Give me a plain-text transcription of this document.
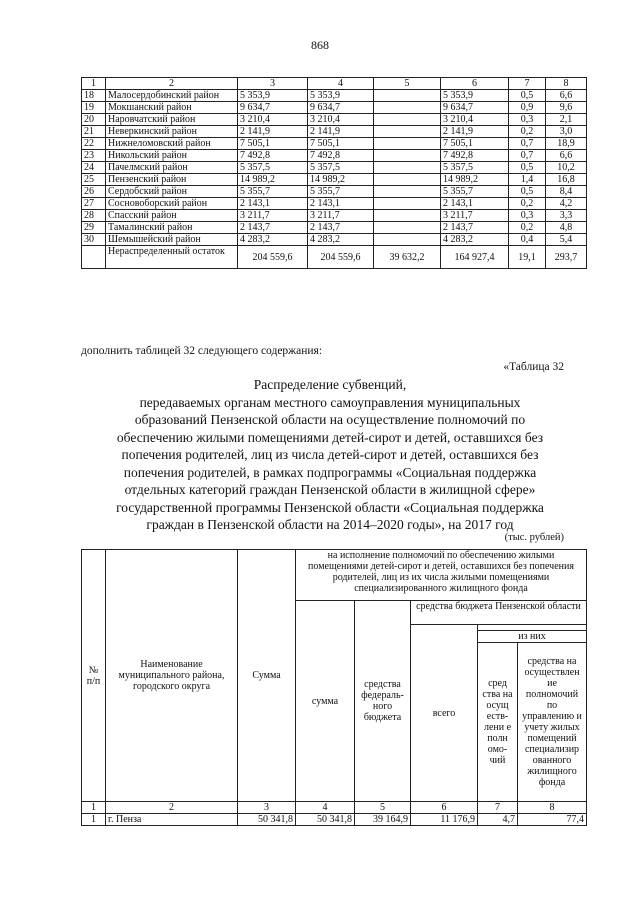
868
1	2	3	4	5	6	7	8
18	Малосердобинский район	5 353,9	5 353,9		5 353,9	0,5	6,6
19	Мокшанский район	9 634,7	9 634,7		9 634,7	0,9	9,6
20	Наровчатский район	3 210,4	3 210,4		3 210,4	0,3	2,1
21	Неверкинский район	2 141,9	2 141,9		2 141,9	0,2	3,0
22	Нижнеломовский район	7 505,1	7 505,1		7 505,1	0,7	18,9
23	Никольский район	7 492,8	7 492,8		7 492,8	0,7	6,6
24	Пачелмский район	5 357,5	5 357,5		5 357,5	0,5	10,2
25	Пензенский район	14 989,2	14 989,2		14 989,2	1,4	16,8
26	Сердобский район	5 355,7	5 355,7		5 355,7	0,5	8,4
27	Сосновоборский район	2 143,1	2 143,1		2 143,1	0,2	4,2
28	Спасский район	3 211,7	3 211,7		3 211,7	0,3	3,3
29	Тамалинский район	2 143,7	2 143,7		2 143,7	0,2	4,8
30	Шемышейский район	4 283,2	4 283,2		4 283,2	0,4	5,4
	Нераспределенный остаток	204 559,6	204 559,6	39 632,2	164 927,4	19,1	293,7
дополнить таблицей 32 следующего содержания:
«Таблица 32
Распределение субвенций,
передаваемых органам местного самоуправления муниципальных
образований Пензенской области на осуществление полномочий по
обеспечению жилыми помещениями детей-сирот и детей, оставшихся без
попечения родителей, лиц из числа детей-сирот и детей, оставшихся без
попечения родителей, в рамках подпрограммы «Социальная поддержка
отдельных категорий граждан Пензенской области в жилищной сфере»
государственной программы Пензенской области «Социальная поддержка
граждан в Пензенской области на 2014–2020 годы», на 2017 год
(тыс. рублей)
№ п/п	Наименование муниципального района, городского округа	Сумма	на исполнение полномочий по обеспечению жилыми помещениями детей-сирот и детей, оставшихся без попечения родителей, лиц из их числа жилыми помещениями специализированного жилищного фонда				
			сумма	средства федераль-ного бюджета	средства бюджета Пензенской области		
					всего		
						из них	
						сред ства на осущ еств-лени е полн омо-чий	средства на осуществлен ие полномочий по управлению и учету жилых помещений специализир ованного жилищного фонда
1	2	3	4	5	6	7	8
1	г. Пенза	50 341,8	50 341,8	39 164,9	11 176,9	4,7	77,4
